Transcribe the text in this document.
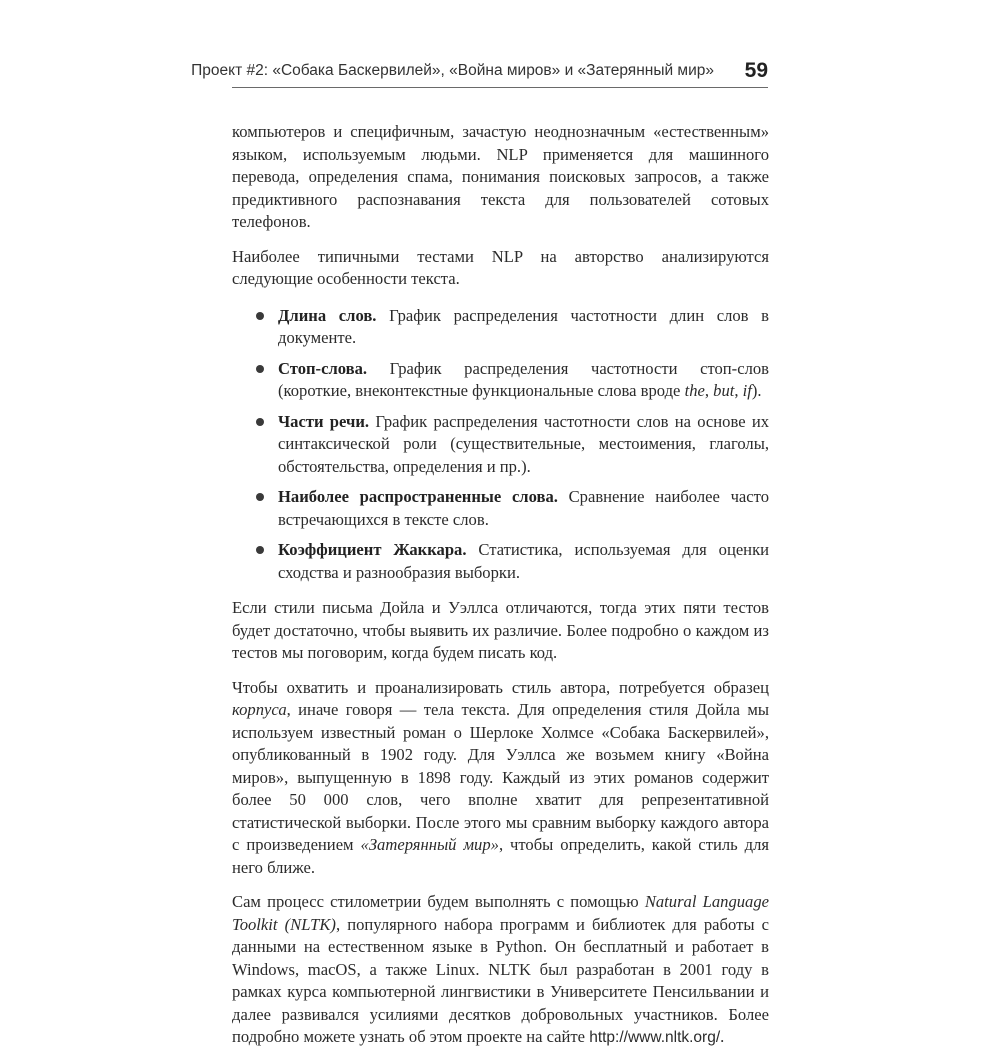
Проект #2: «Собака Баскервилей», «Война миров» и «Затерянный мир» 59

компьютеров и специфичным, зачастую неоднозначным «естественным» языком, используемым людьми. NLP применяется для машинного перевода, определения спама, понимания поисковых запросов, а также предиктивного распознавания текста для пользователей сотовых телефонов.

Наиболее типичными тестами NLP на авторство анализируются следующие особенности текста.

Длина слов. График распределения частотности длин слов в документе.
Стоп-слова. График распределения частотности стоп-слов (короткие, внеконтекстные функциональные слова вроде the, but, if).
Части речи. График распределения частотности слов на основе их синтаксической роли (существительные, местоимения, глаголы, обстоятельства, определения и пр.).
Наиболее распространенные слова. Сравнение наиболее часто встречающихся в тексте слов.
Коэффициент Жаккара. Статистика, используемая для оценки сходства и разнообразия выборки.

Если стили письма Дойла и Уэллса отличаются, тогда этих пяти тестов будет достаточно, чтобы выявить их различие. Более подробно о каждом из тестов мы поговорим, когда будем писать код.

Чтобы охватить и проанализировать стиль автора, потребуется образец корпуса, иначе говоря — тела текста. Для определения стиля Дойла мы используем известный роман о Шерлоке Холмсе «Собака Баскервилей», опубликованный в 1902 году. Для Уэллса же возьмем книгу «Война миров», выпущенную в 1898 году. Каждый из этих романов содержит более 50 000 слов, чего вполне хватит для репрезентативной статистической выборки. После этого мы сравним выборку каждого автора с произведением «Затерянный мир», чтобы определить, какой стиль для него ближе.

Сам процесс стилометрии будем выполнять с помощью Natural Language Toolkit (NLTK), популярного набора программ и библиотек для работы с данными на естественном языке в Python. Он бесплатный и работает в Windows, macOS, а также Linux. NLTK был разработан в 2001 году в рамках курса компьютерной лингвистики в Университете Пенсильвании и далее развивался усилиями десятков добровольных участников. Более подробно можете узнать об этом проекте на сайте http://www.nltk.org/.
